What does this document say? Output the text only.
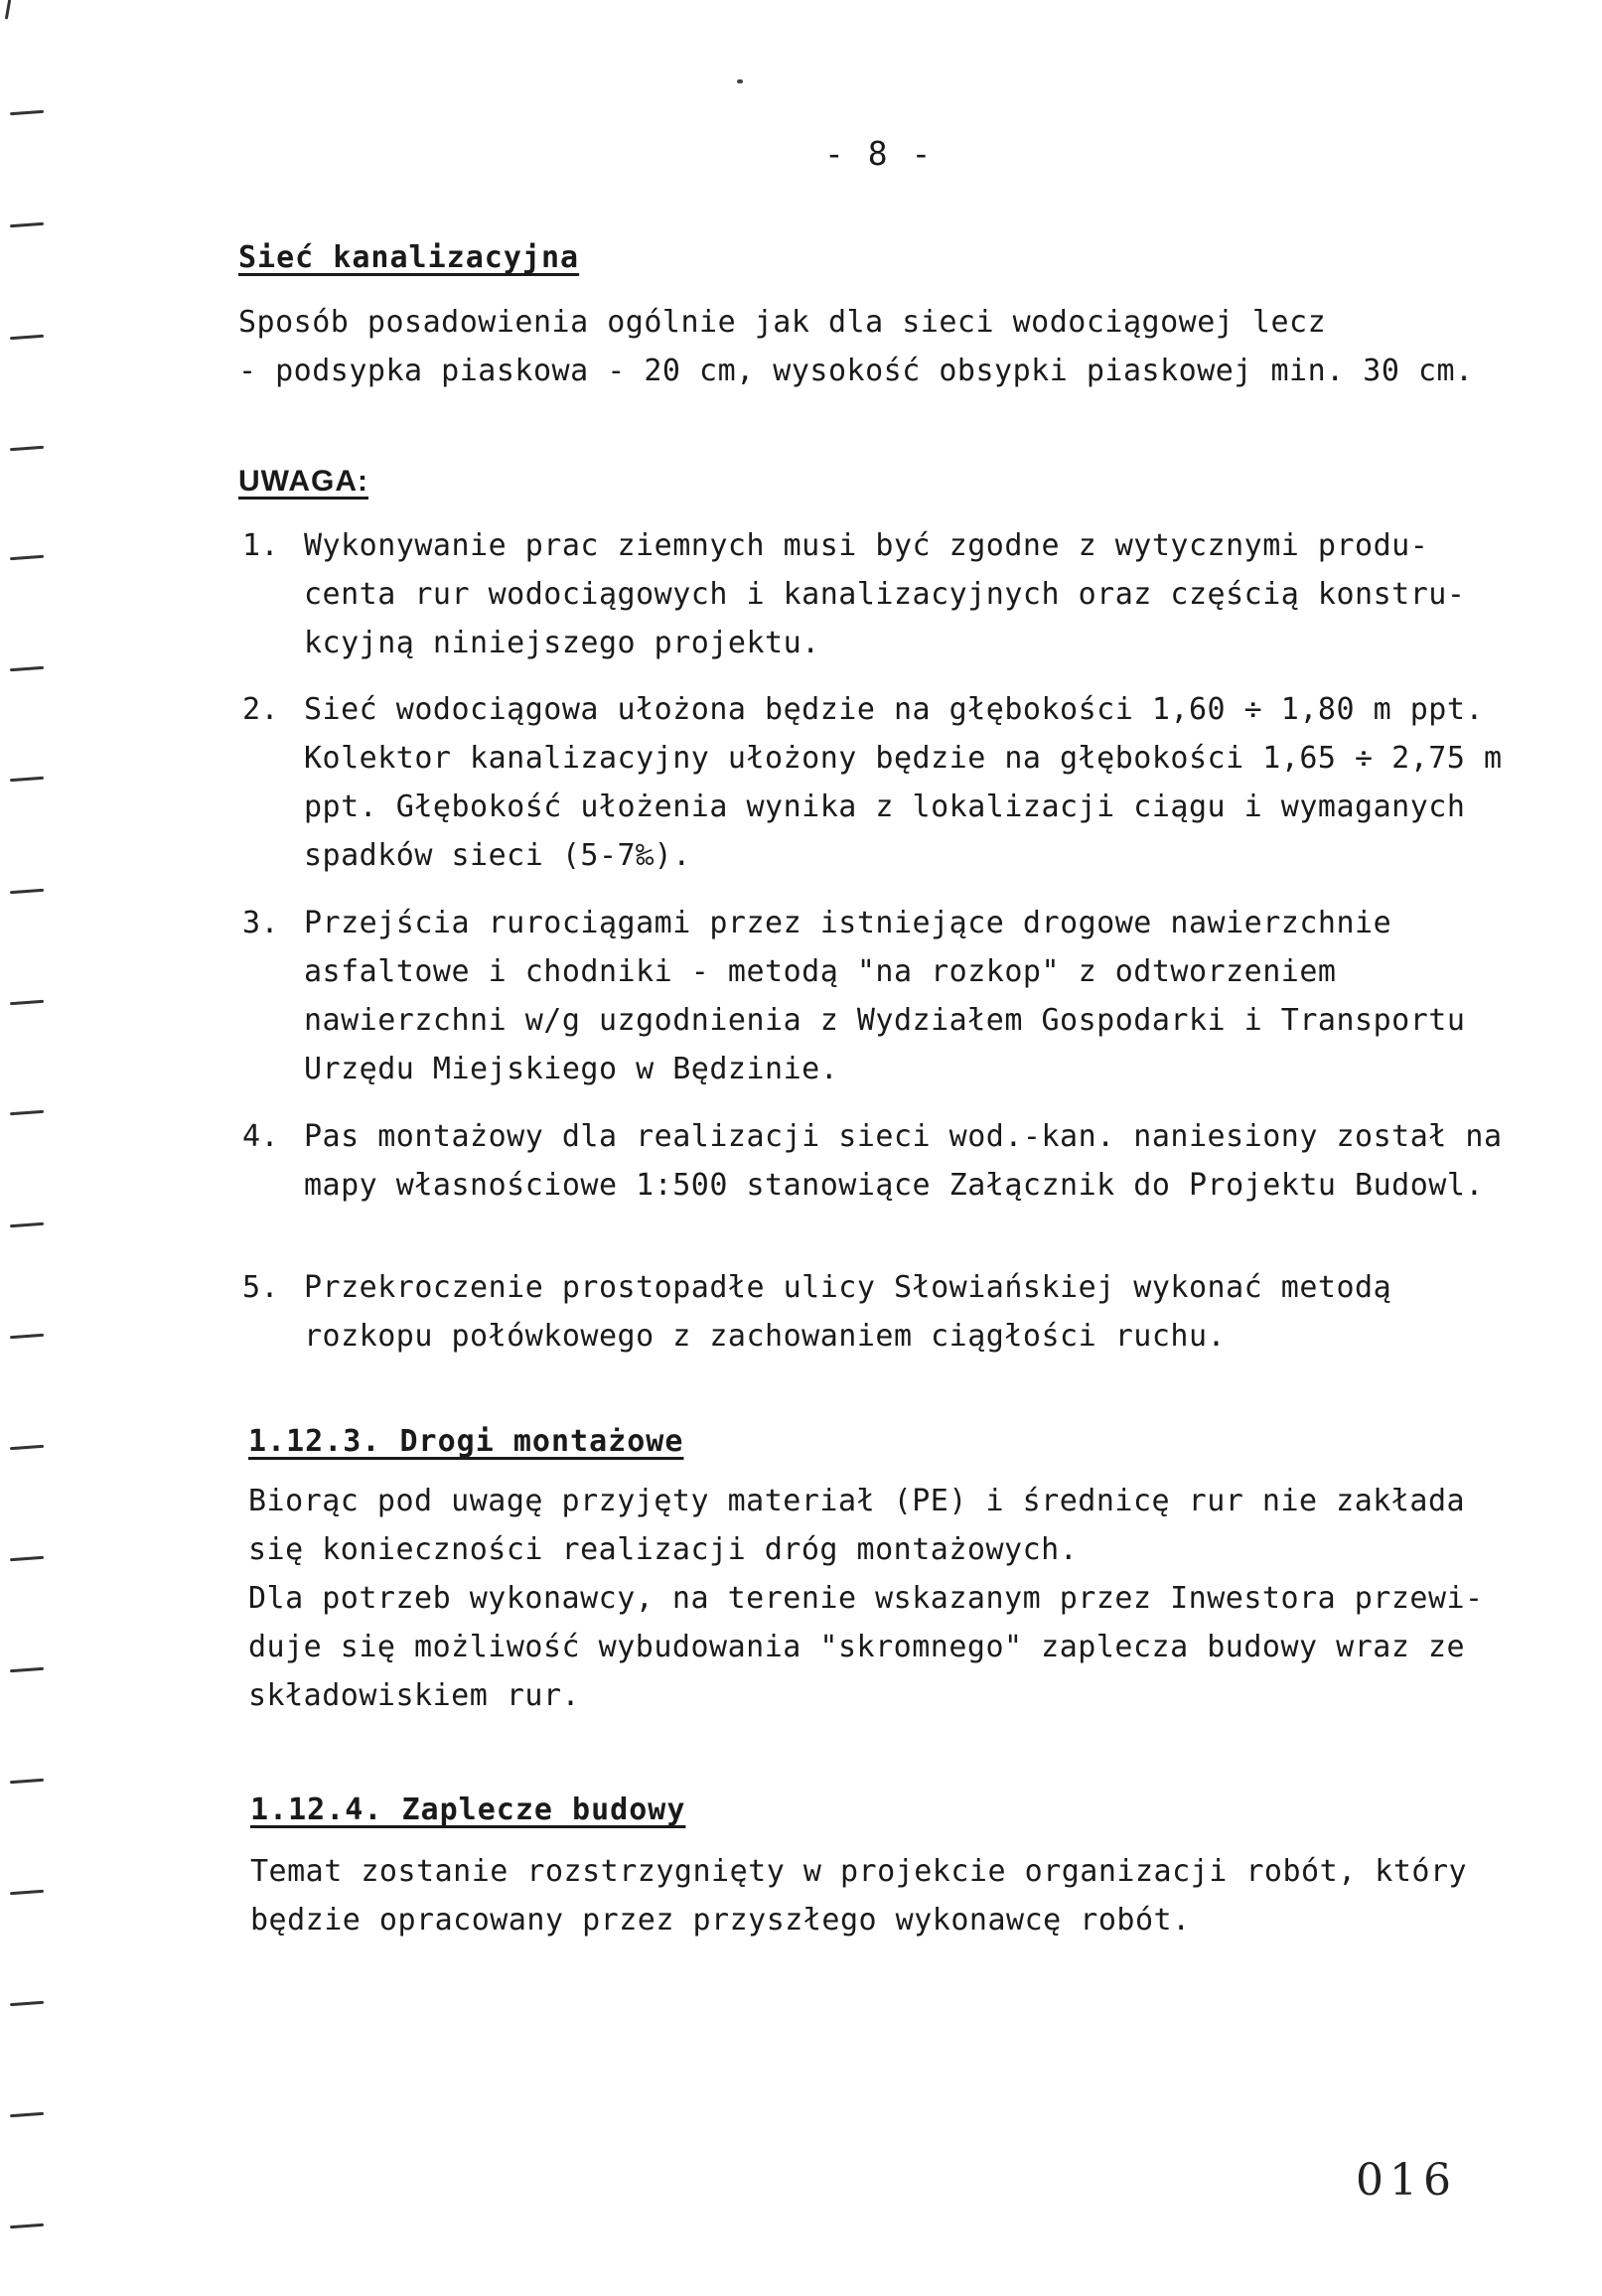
- 8 -
Sieć kanalizacyjna
Sposób posadowienia ogólnie jak dla sieci wodociągowej lecz
- podsypka piaskowa - 20 cm, wysokość obsypki piaskowej min. 30 cm.
UWAGA:
1. Wykonywanie prac ziemnych musi być zgodne z wytycznymi produ-
centa rur wodociągowych i kanalizacyjnych oraz częścią konstru-
kcyjną niniejszego projektu.
2. Sieć wodociągowa ułożona będzie na głębokości 1,60 ÷ 1,80 m ppt.
Kolektor kanalizacyjny ułożony będzie na głębokości 1,65 ÷ 2,75 m
ppt. Głębokość ułożenia wynika z lokalizacji ciągu i wymaganych
spadków sieci (5-7‰).
3. Przejścia rurociągami przez istniejące drogowe nawierzchnie
asfaltowe i chodniki - metodą "na rozkop" z odtworzeniem
nawierzchni w/g uzgodnienia z Wydziałem Gospodarki i Transportu
Urzędu Miejskiego w Będzinie.
4. Pas montażowy dla realizacji sieci wod.-kan. naniesiony został na
mapy własnościowe 1:500 stanowiące Załącznik do Projektu Budowl.
5. Przekroczenie prostopadłe ulicy Słowiańskiej wykonać metodą
rozkopu połówkowego z zachowaniem ciągłości ruchu.
1.12.3. Drogi montażowe
Biorąc pod uwagę przyjęty materiał (PE) i średnicę rur nie zakłada
się konieczności realizacji dróg montażowych.
Dla potrzeb wykonawcy, na terenie wskazanym przez Inwestora przewi-
duje się możliwość wybudowania "skromnego" zaplecza budowy wraz ze
składowiskiem rur.
1.12.4. Zaplecze budowy
Temat zostanie rozstrzygnięty w projekcie organizacji robót, który
będzie opracowany przez przyszłego wykonawcę robót.
016
